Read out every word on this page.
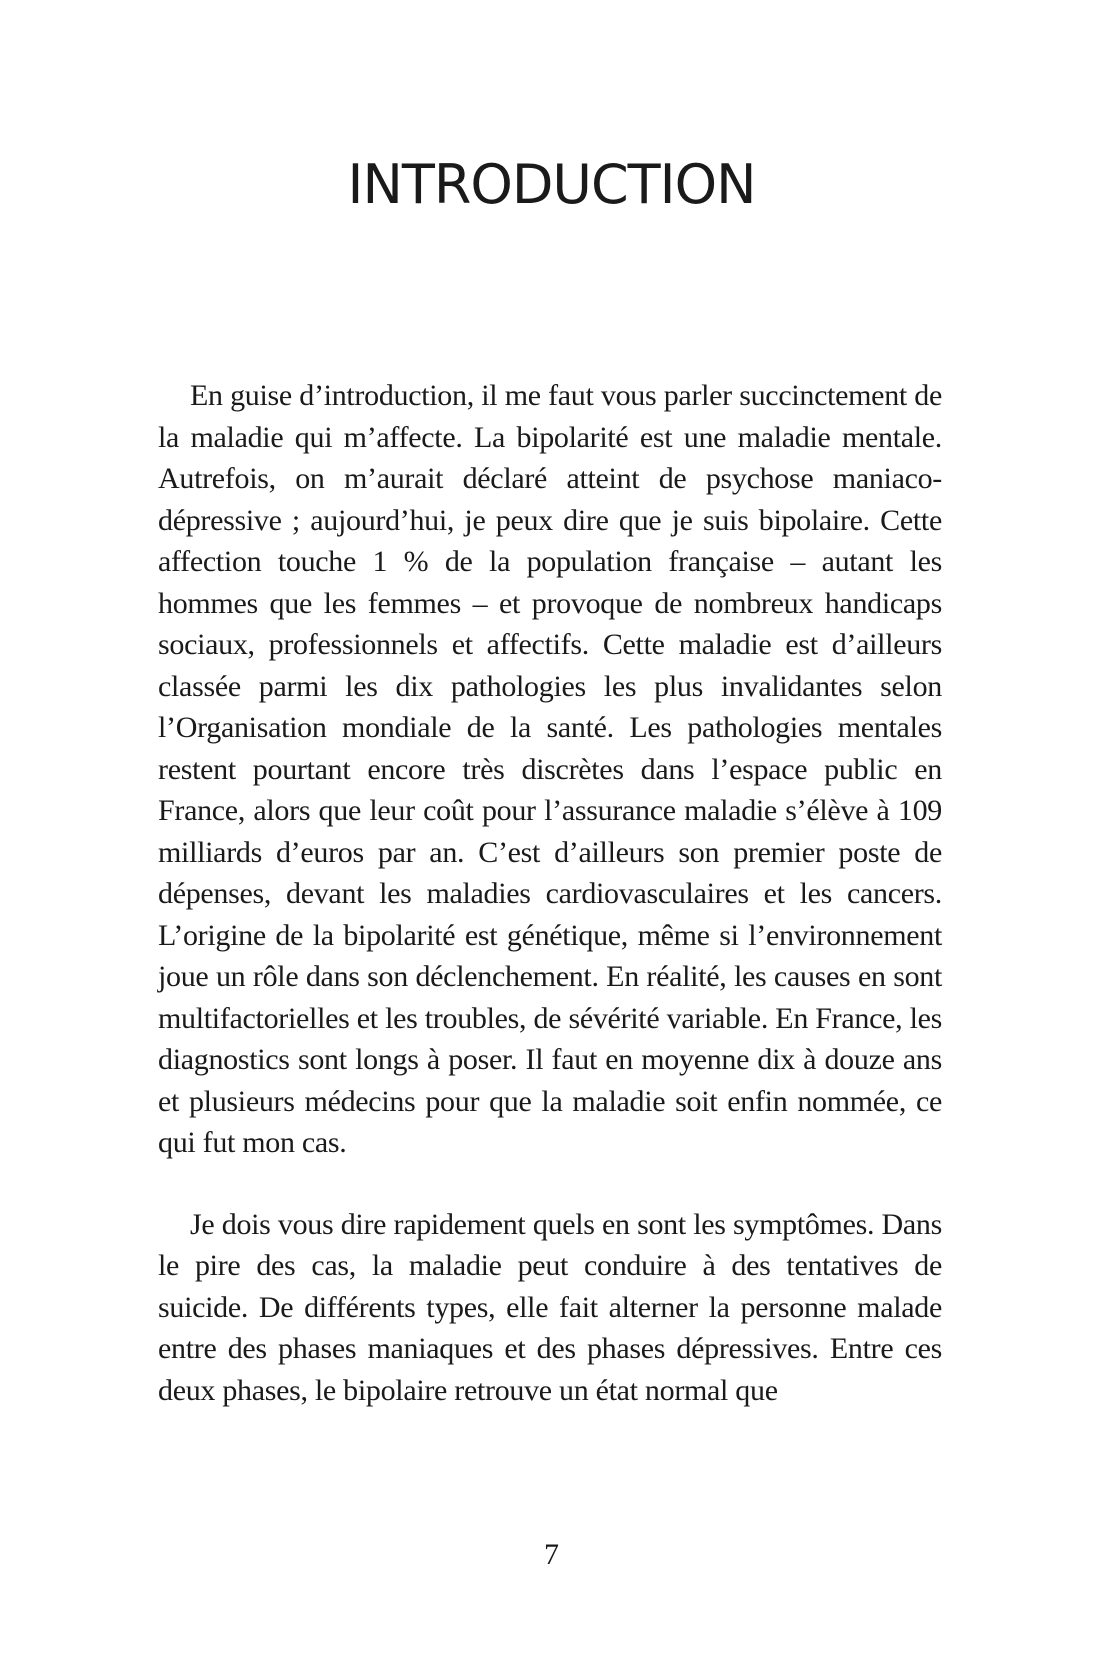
INTRODUCTION

En guise d’introduction, il me faut vous parler succinctement de la maladie qui m’affecte. La bipolarité est une maladie mentale. Autrefois, on m’aurait déclaré atteint de psychose maniaco-dépressive ; aujourd’hui, je peux dire que je suis bipolaire. Cette affection touche 1 % de la population française – autant les hommes que les femmes – et provoque de nombreux handicaps sociaux, professionnels et affectifs. Cette maladie est d’ailleurs classée parmi les dix pathologies les plus invalidantes selon l’Organisation mondiale de la santé. Les pathologies mentales restent pourtant encore très discrètes dans l’espace public en France, alors que leur coût pour l’assurance maladie s’élève à 109 milliards d’euros par an. C’est d’ailleurs son premier poste de dépenses, devant les maladies cardiovasculaires et les cancers. L’origine de la bipolarité est génétique, même si l’environnement joue un rôle dans son déclenchement. En réalité, les causes en sont multifactorielles et les troubles, de sévérité variable. En France, les diagnostics sont longs à poser. Il faut en moyenne dix à douze ans et plusieurs médecins pour que la maladie soit enfin nommée, ce qui fut mon cas.

Je dois vous dire rapidement quels en sont les symptômes. Dans le pire des cas, la maladie peut conduire à des tentatives de suicide. De différents types, elle fait alterner la personne malade entre des phases maniaques et des phases dépressives. Entre ces deux phases, le bipolaire retrouve un état normal que

7
